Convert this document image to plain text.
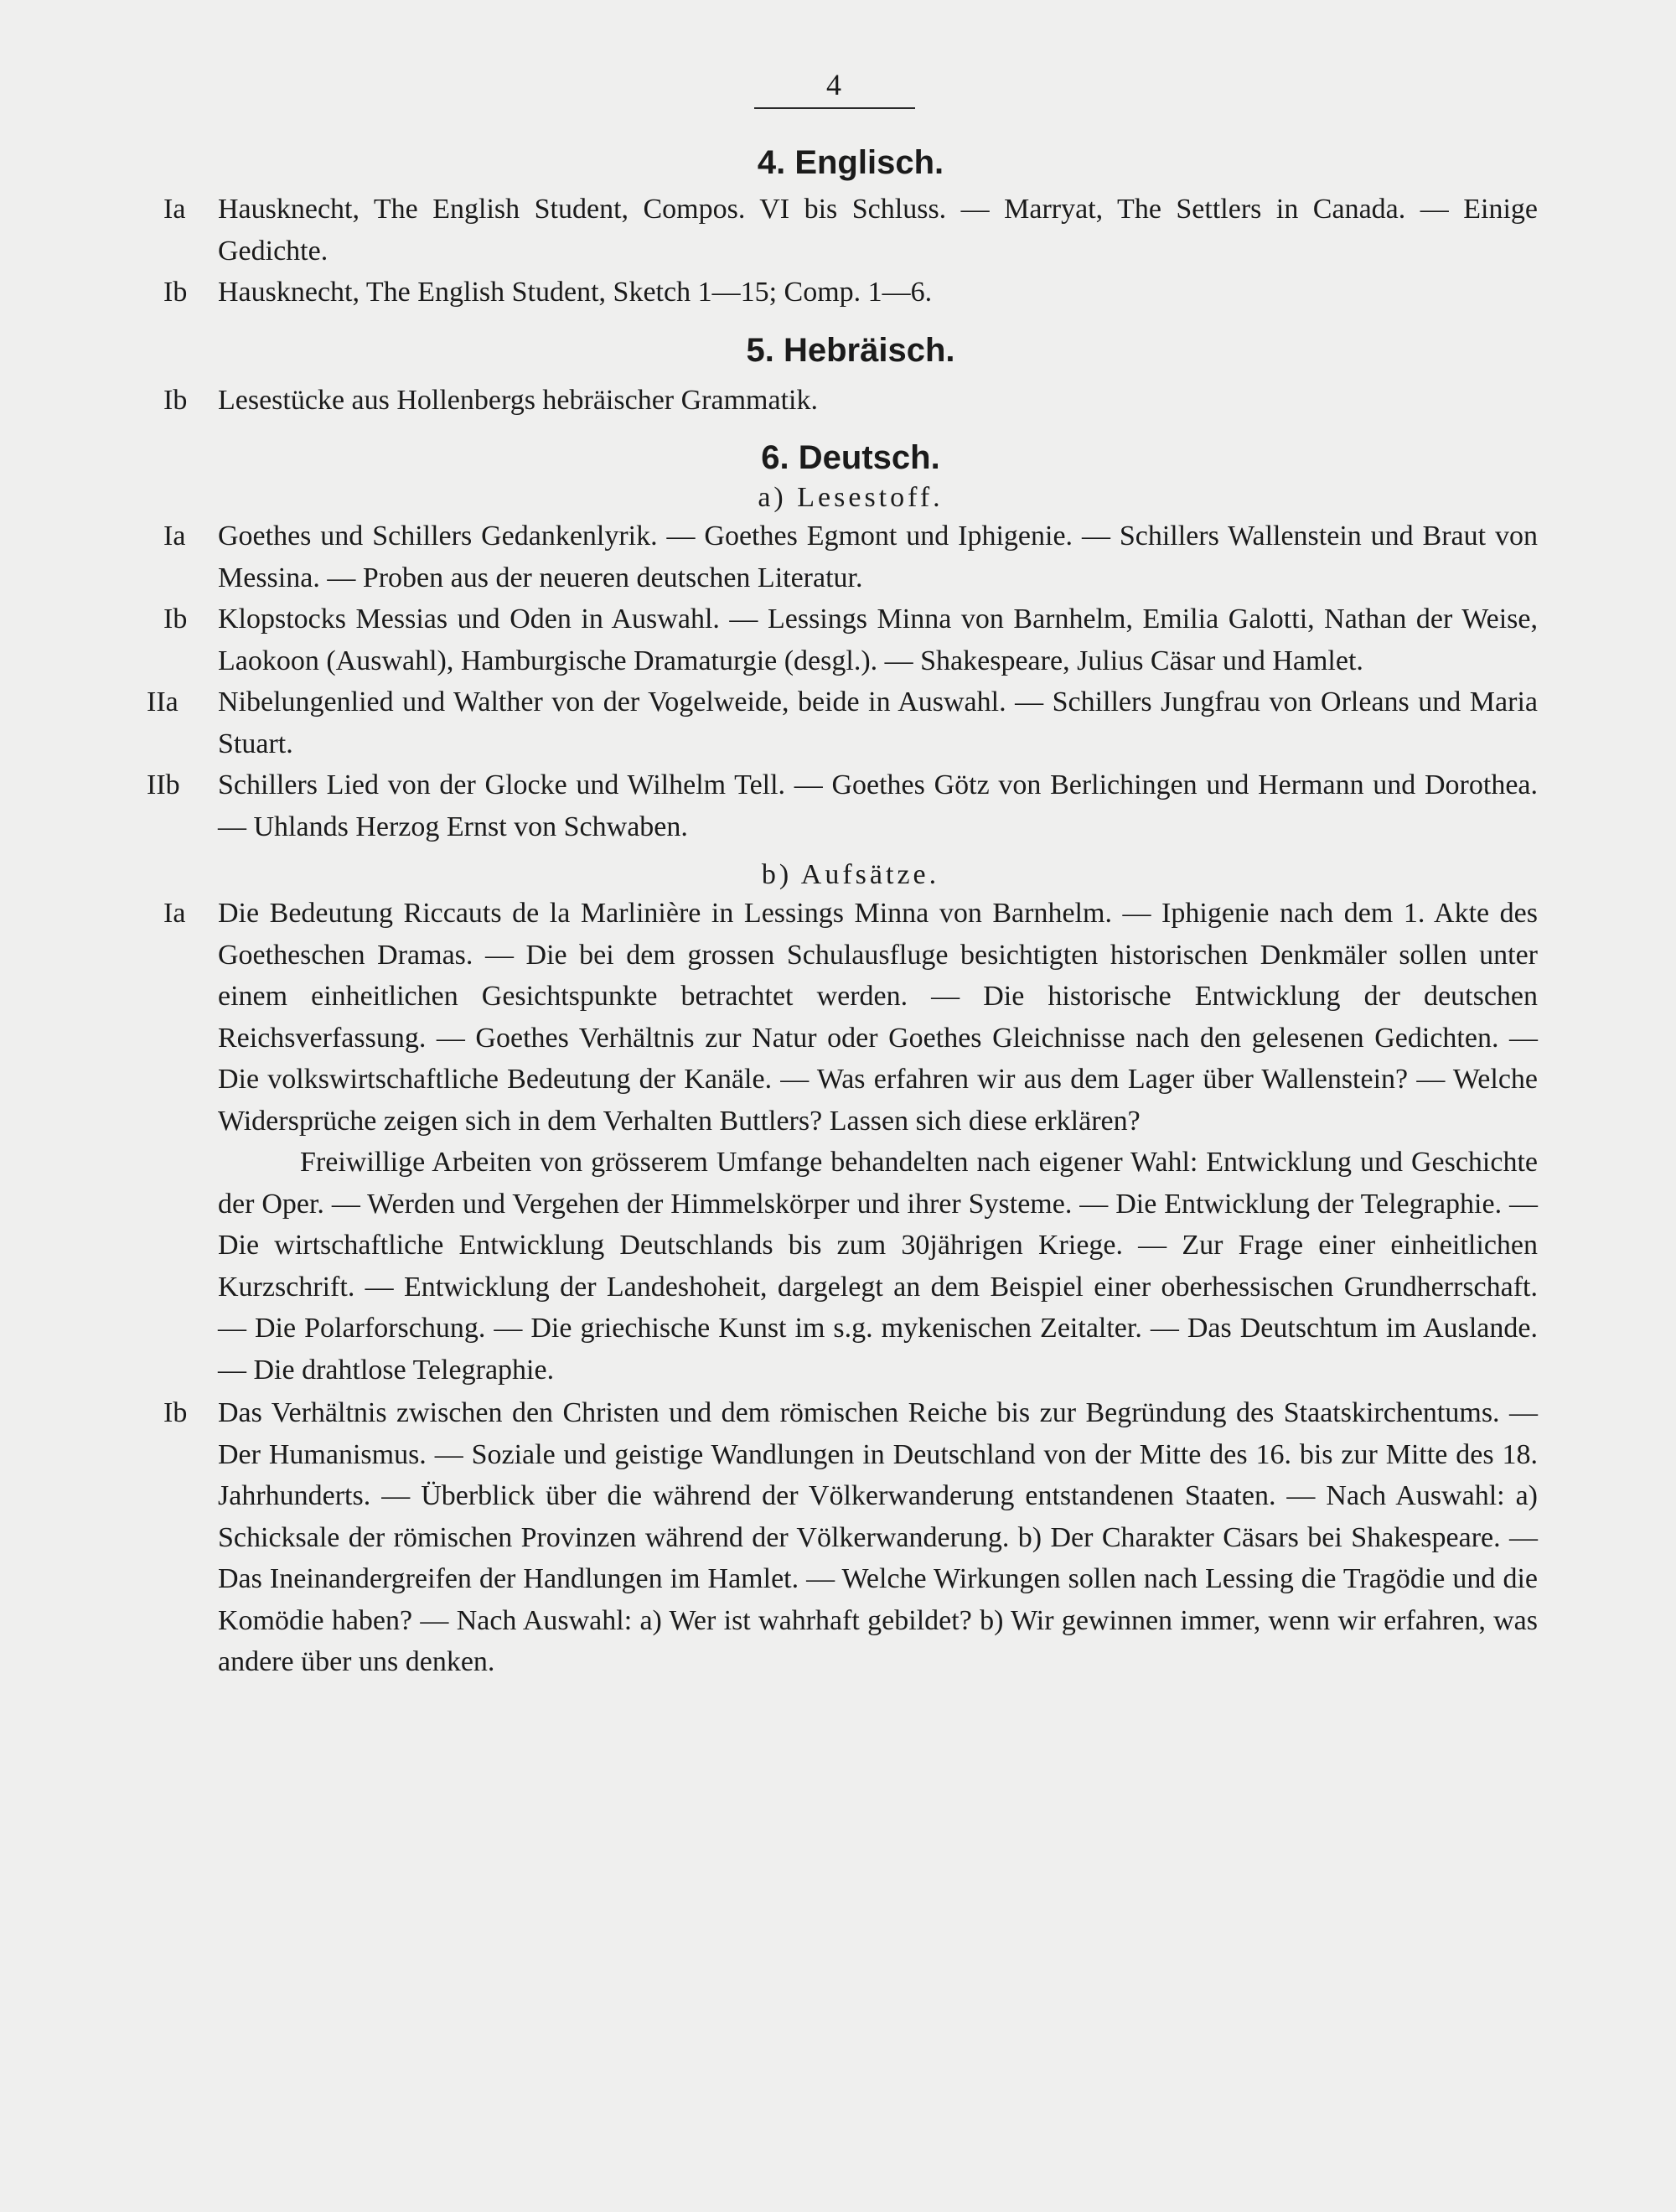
4
4. Englisch.

Ia	Hausknecht, The English Student, Compos. VI bis Schluss. — Marryat, The Settlers in Canada. — Einige Gedichte.

Ib	Hausknecht, The English Student, Sketch 1—15; Comp. 1—6.

5. Hebräisch.

Ib	Lesestücke aus Hollenbergs hebräischer Grammatik.

6. Deutsch.

a) Lesestoff.

Ia	Goethes und Schillers Gedankenlyrik. — Goethes Egmont und Iphigenie. — Schillers Wallenstein und Braut von Messina. — Proben aus der neueren deutschen Literatur.

Ib	Klopstocks Messias und Oden in Auswahl. — Lessings Minna von Barnhelm, Emilia Galotti, Nathan der Weise, Laokoon (Auswahl), Hamburgische Dramaturgie (desgl.). — Shakespeare, Julius Cäsar und Hamlet.

IIa	Nibelungenlied und Walther von der Vogelweide, beide in Auswahl. — Schillers Jungfrau von Orleans und Maria Stuart.

IIb	Schillers Lied von der Glocke und Wilhelm Tell. — Goethes Götz von Berlichingen und Hermann und Dorothea. — Uhlands Herzog Ernst von Schwaben.

b) Aufsätze.

Ia	Die Bedeutung Riccauts de la Marlinière in Lessings Minna von Barnhelm. — Iphigenie nach dem 1. Akte des Goetheschen Dramas. — Die bei dem grossen Schulausfluge besichtigten historischen Denkmäler sollen unter einem einheitlichen Gesichtspunkte betrachtet werden. — Die historische Entwicklung der deutschen Reichsverfassung. — Goethes Verhältnis zur Natur oder Goethes Gleichnisse nach den gelesenen Gedichten. — Die volkswirtschaftliche Bedeutung der Kanäle. — Was erfahren wir aus dem Lager über Wallenstein? — Welche Widersprüche zeigen sich in dem Verhalten Buttlers? Lassen sich diese erklären?

Freiwillige Arbeiten von grösserem Umfange behandelten nach eigener Wahl: Entwicklung und Geschichte der Oper. — Werden und Vergehen der Himmelskörper und ihrer Systeme. — Die Entwicklung der Telegraphie. — Die wirtschaftliche Entwicklung Deutschlands bis zum 30jährigen Kriege. — Zur Frage einer einheitlichen Kurzschrift. — Entwicklung der Landeshoheit, dargelegt an dem Beispiel einer oberhessischen Grundherrschaft. — Die Polarforschung. — Die griechische Kunst im s.g. mykenischen Zeitalter. — Das Deutschtum im Auslande. — Die drahtlose Telegraphie.

Ib	Das Verhältnis zwischen den Christen und dem römischen Reiche bis zur Begründung des Staatskirchentums. — Der Humanismus. — Soziale und geistige Wandlungen in Deutschland von der Mitte des 16. bis zur Mitte des 18. Jahrhunderts. — Überblick über die während der Völkerwanderung entstandenen Staaten. — Nach Auswahl: a) Schicksale der römischen Provinzen während der Völkerwanderung. b) Der Charakter Cäsars bei Shakespeare. — Das Ineinandergreifen der Handlungen im Hamlet. — Welche Wirkungen sollen nach Lessing die Tragödie und die Komödie haben? — Nach Auswahl: a) Wer ist wahrhaft gebildet? b) Wir gewinnen immer, wenn wir erfahren, was andere über uns denken.
